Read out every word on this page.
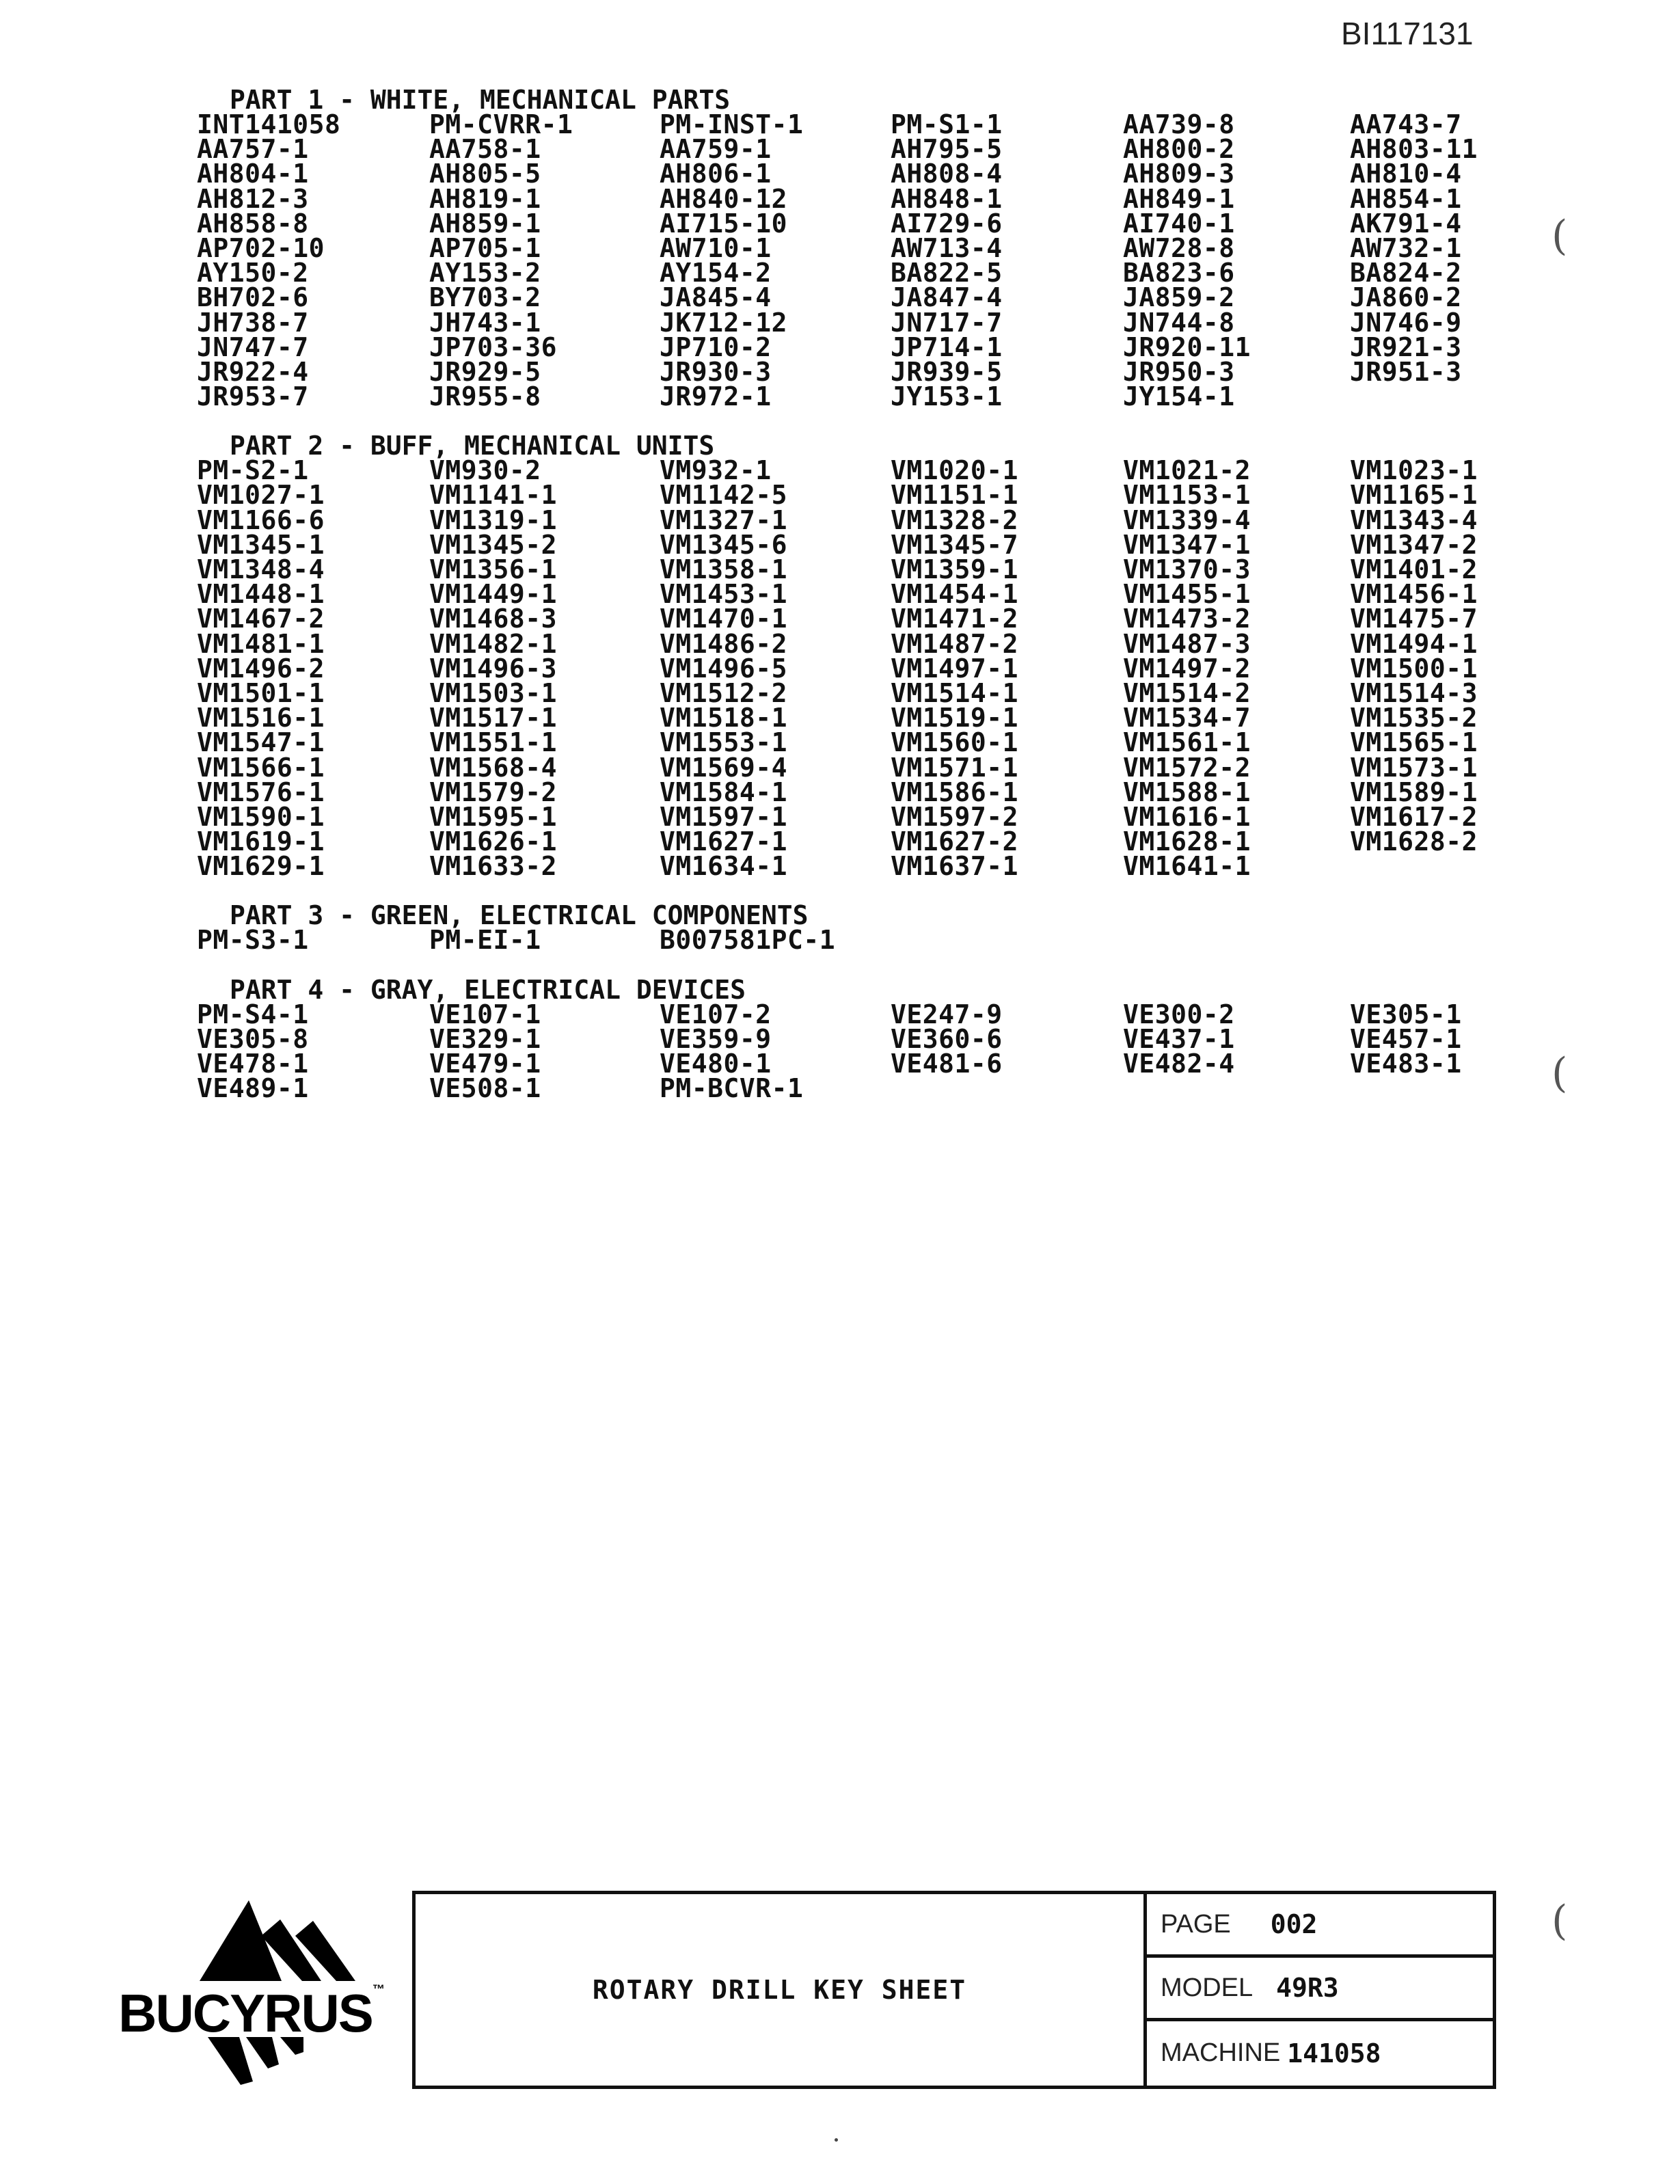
BI117131
PART 1 - WHITE, MECHANICAL PARTS
INT141058	PM-CVRR-1	PM-INST-1	PM-S1-1	AA739-8	AA743-7
AA757-1	AA758-1	AA759-1	AH795-5	AH800-2	AH803-11
AH804-1	AH805-5	AH806-1	AH808-4	AH809-3	AH810-4
AH812-3	AH819-1	AH840-12	AH848-1	AH849-1	AH854-1
AH858-8	AH859-1	AI715-10	AI729-6	AI740-1	AK791-4
AP702-10	AP705-1	AW710-1	AW713-4	AW728-8	AW732-1
AY150-2	AY153-2	AY154-2	BA822-5	BA823-6	BA824-2
BH702-6	BY703-2	JA845-4	JA847-4	JA859-2	JA860-2
JH738-7	JH743-1	JK712-12	JN717-7	JN744-8	JN746-9
JN747-7	JP703-36	JP710-2	JP714-1	JR920-11	JR921-3
JR922-4	JR929-5	JR930-3	JR939-5	JR950-3	JR951-3
JR953-7	JR955-8	JR972-1	JY153-1	JY154-1
PART 2 - BUFF, MECHANICAL UNITS
PM-S2-1	VM930-2	VM932-1	VM1020-1	VM1021-2	VM1023-1
VM1027-1	VM1141-1	VM1142-5	VM1151-1	VM1153-1	VM1165-1
VM1166-6	VM1319-1	VM1327-1	VM1328-2	VM1339-4	VM1343-4
VM1345-1	VM1345-2	VM1345-6	VM1345-7	VM1347-1	VM1347-2
VM1348-4	VM1356-1	VM1358-1	VM1359-1	VM1370-3	VM1401-2
VM1448-1	VM1449-1	VM1453-1	VM1454-1	VM1455-1	VM1456-1
VM1467-2	VM1468-3	VM1470-1	VM1471-2	VM1473-2	VM1475-7
VM1481-1	VM1482-1	VM1486-2	VM1487-2	VM1487-3	VM1494-1
VM1496-2	VM1496-3	VM1496-5	VM1497-1	VM1497-2	VM1500-1
VM1501-1	VM1503-1	VM1512-2	VM1514-1	VM1514-2	VM1514-3
VM1516-1	VM1517-1	VM1518-1	VM1519-1	VM1534-7	VM1535-2
VM1547-1	VM1551-1	VM1553-1	VM1560-1	VM1561-1	VM1565-1
VM1566-1	VM1568-4	VM1569-4	VM1571-1	VM1572-2	VM1573-1
VM1576-1	VM1579-2	VM1584-1	VM1586-1	VM1588-1	VM1589-1
VM1590-1	VM1595-1	VM1597-1	VM1597-2	VM1616-1	VM1617-2
VM1619-1	VM1626-1	VM1627-1	VM1627-2	VM1628-1	VM1628-2
VM1629-1	VM1633-2	VM1634-1	VM1637-1	VM1641-1
PART 3 - GREEN, ELECTRICAL COMPONENTS
PM-S3-1	PM-EI-1	B007581PC-1
PART 4 - GRAY, ELECTRICAL DEVICES
PM-S4-1	VE107-1	VE107-2	VE247-9	VE300-2	VE305-1
VE305-8	VE329-1	VE359-9	VE360-6	VE437-1	VE457-1
VE478-1	VE479-1	VE480-1	VE481-6	VE482-4	VE483-1
VE489-1	VE508-1	PM-BCVR-1
(
(
(
BUCYRUS™	ROTARY DRILL KEY SHEET
PAGE 002
MODEL 49R3
MACHINE 141058
